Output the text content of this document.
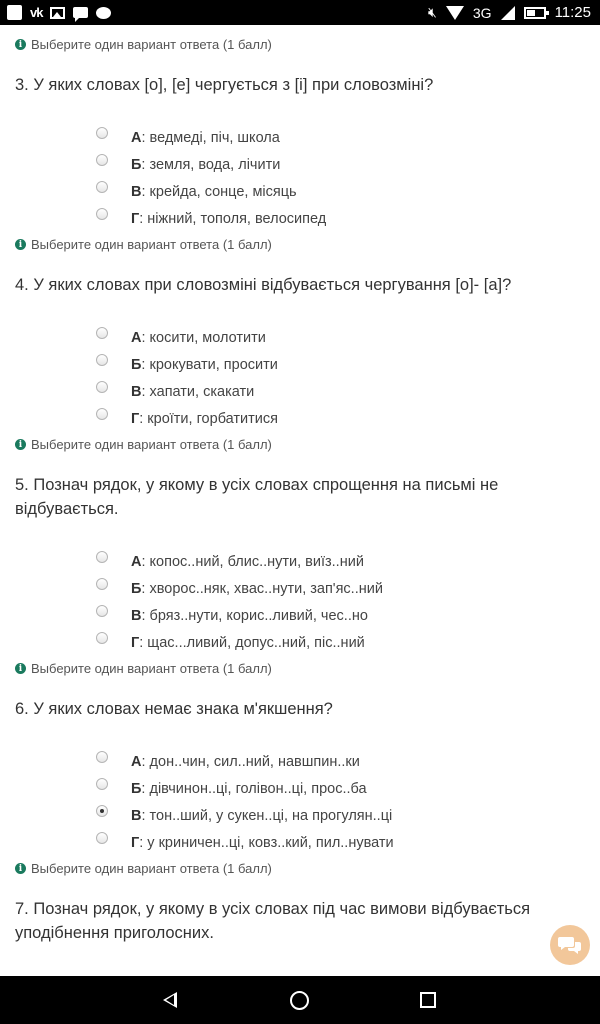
vk	🔇︎	3G	11:25
i Выберите один вариант ответа (1 балл)
3. У яких словах [о], [е] чергується з [і] при словозміні?
А: ведмеді, піч, школа
Б: земля, вода, лічити
В: крейда, сонце, місяць
Г: ніжний, тополя, велосипед
i Выберите один вариант ответа (1 балл)
4. У яких словах при словозміні відбувається чергування [о]- [а]?
А: косити, молотити
Б: крокувати, просити
В: хапати, скакати
Г: кроїти, горбатитися
i Выберите один вариант ответа (1 балл)
5. Познач рядок, у якому в усіх словах спрощення на письмі не відбувається.
А: копос..ний, блис..нути, виїз..ний
Б: хворос..няк, хвас..нути, зап'яс..ний
В: бряз..нути, корис..ливий, чес..но
Г: щас...ливий, допус..ний, піс..ний
i Выберите один вариант ответа (1 балл)
6. У яких словах немає знака м'якшення?
А: дон..чин, сил..ний, навшпин..ки
Б: дівчинон..ці, голівон..ці, прос..ба
В: тон..ший, у сукен..ці, на прогулян..ці
Г: у криничен..ці, ковз..кий, пил..нувати
i Выберите один вариант ответа (1 балл)
7. Познач рядок, у якому в усіх словах під час вимови відбувається уподібнення приголосних.
